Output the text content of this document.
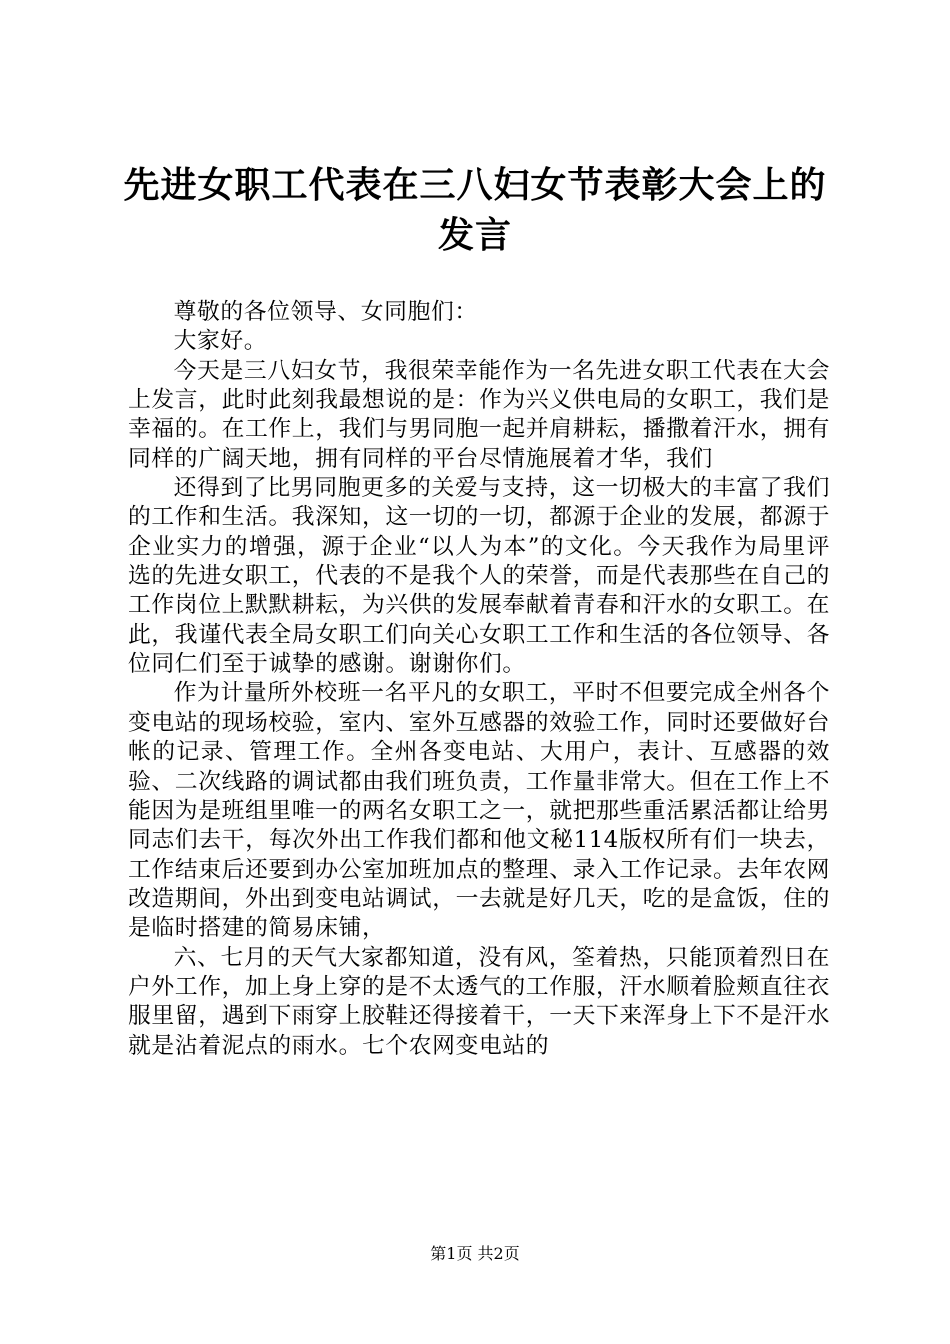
先进女职工代表在三八妇女节表彰大会上的发言

尊敬的各位领导、女同胞们：

大家好。

今天是三八妇女节，我很荣幸能作为一名先进女职工代表在大会上发言，此时此刻我最想说的是：作为兴义供电局的女职工，我们是幸福的。在工作上，我们与男同胞一起并肩耕耘，播撒着汗水，拥有同样的广阔天地，拥有同样的平台尽情施展着才华，我们

还得到了比男同胞更多的关爱与支持，这一切极大的丰富了我们的工作和生活。我深知，这一切的一切，都源于企业的发展，都源于企业实力的增强，源于企业“以人为本”的文化。今天我作为局里评选的先进女职工，代表的不是我个人的荣誉，而是代表那些在自己的工作岗位上默默耕耘，为兴供的发展奉献着青春和汗水的女职工。在此，我谨代表全局女职工们向关心女职工工作和生活的各位领导、各位同仁们至于诚挚的感谢。谢谢你们。

作为计量所外校班一名平凡的女职工，平时不但要完成全州各个变电站的现场校验，室内、室外互感器的效验工作，同时还要做好台帐的记录、管理工作。全州各变电站、大用户，表计、互感器的效验、二次线路的调试都由我们班负责，工作量非常大。但在工作上不能因为是班组里唯一的两名女职工之一，就把那些重活累活都让给男同志们去干，每次外出工作我们都和他文秘114版权所有们一块去，工作结束后还要到办公室加班加点的整理、录入工作记录。去年农网改造期间，外出到变电站调试，一去就是好几天，吃的是盒饭，住的是临时搭建的简易床铺，

六、七月的天气大家都知道，没有风，筌着热，只能顶着烈日在户外工作，加上身上穿的是不太透气的工作服，汗水顺着脸颊直往衣服里留，遇到下雨穿上胶鞋还得接着干，一天下来浑身上下不是汗水就是沾着泥点的雨水。七个农网变电站的

第1页 共2页
